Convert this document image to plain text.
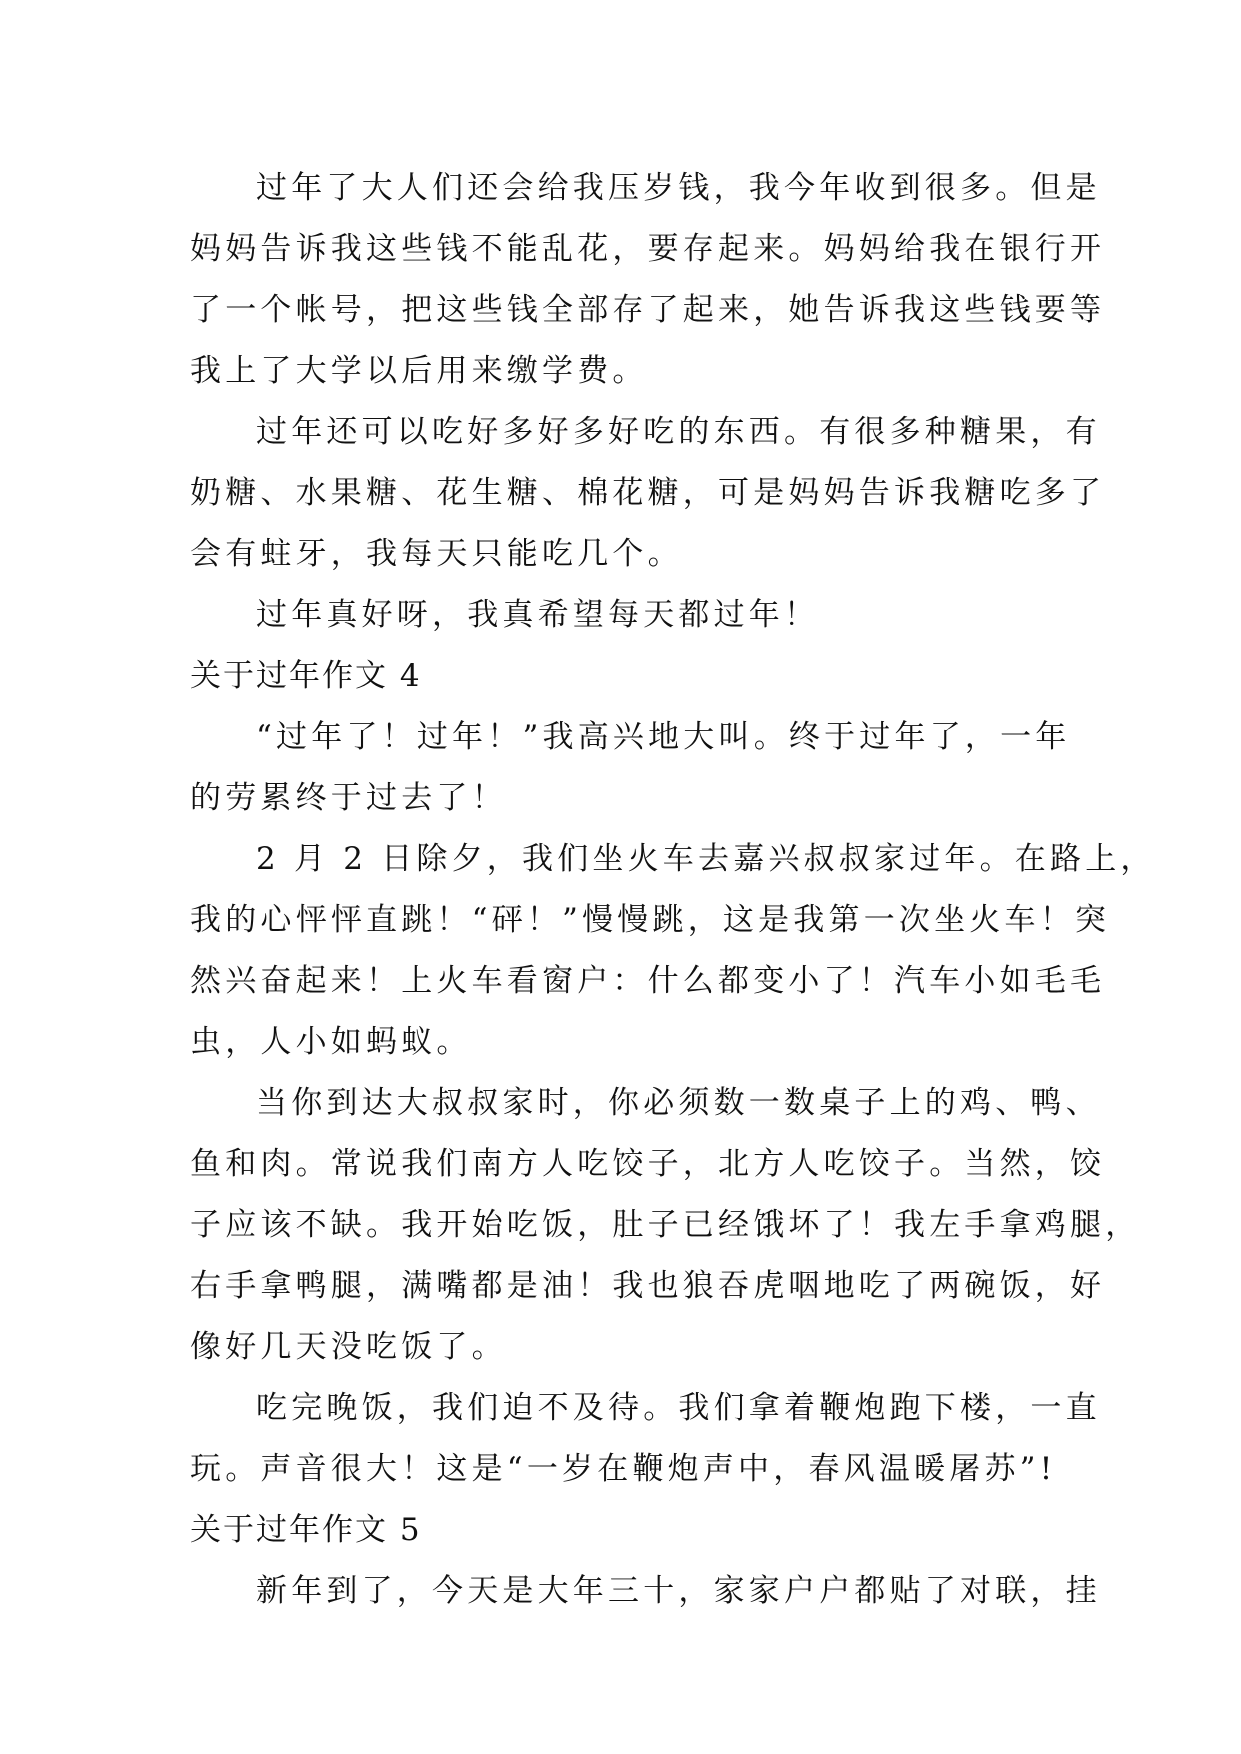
过年了大人们还会给我压岁钱，我今年收到很多。但是

妈妈告诉我这些钱不能乱花，要存起来。妈妈给我在银行开

了一个帐号，把这些钱全部存了起来，她告诉我这些钱要等

我上了大学以后用来缴学费。

过年还可以吃好多好多好吃的东西。有很多种糖果，有

奶糖、水果糖、花生糖、棉花糖，可是妈妈告诉我糖吃多了

会有蛀牙，我每天只能吃几个。

过年真好呀，我真希望每天都过年！

关于过年作文 4

“过年了！过年！”我高兴地大叫。终于过年了，一年

的劳累终于过去了！

2 月 2 日除夕，我们坐火车去嘉兴叔叔家过年。在路上，

我的心怦怦直跳！“砰！”慢慢跳，这是我第一次坐火车！突

然兴奋起来！上火车看窗户：什么都变小了！汽车小如毛毛

虫，人小如蚂蚁。

当你到达大叔叔家时，你必须数一数桌子上的鸡、鸭、

鱼和肉。常说我们南方人吃饺子，北方人吃饺子。当然，饺

子应该不缺。我开始吃饭，肚子已经饿坏了！我左手拿鸡腿，

右手拿鸭腿，满嘴都是油！我也狼吞虎咽地吃了两碗饭，好

像好几天没吃饭了。

吃完晚饭，我们迫不及待。我们拿着鞭炮跑下楼，一直

玩。声音很大！这是“一岁在鞭炮声中，春风温暖屠苏”!

关于过年作文 5

新年到了，今天是大年三十，家家户户都贴了对联，挂
